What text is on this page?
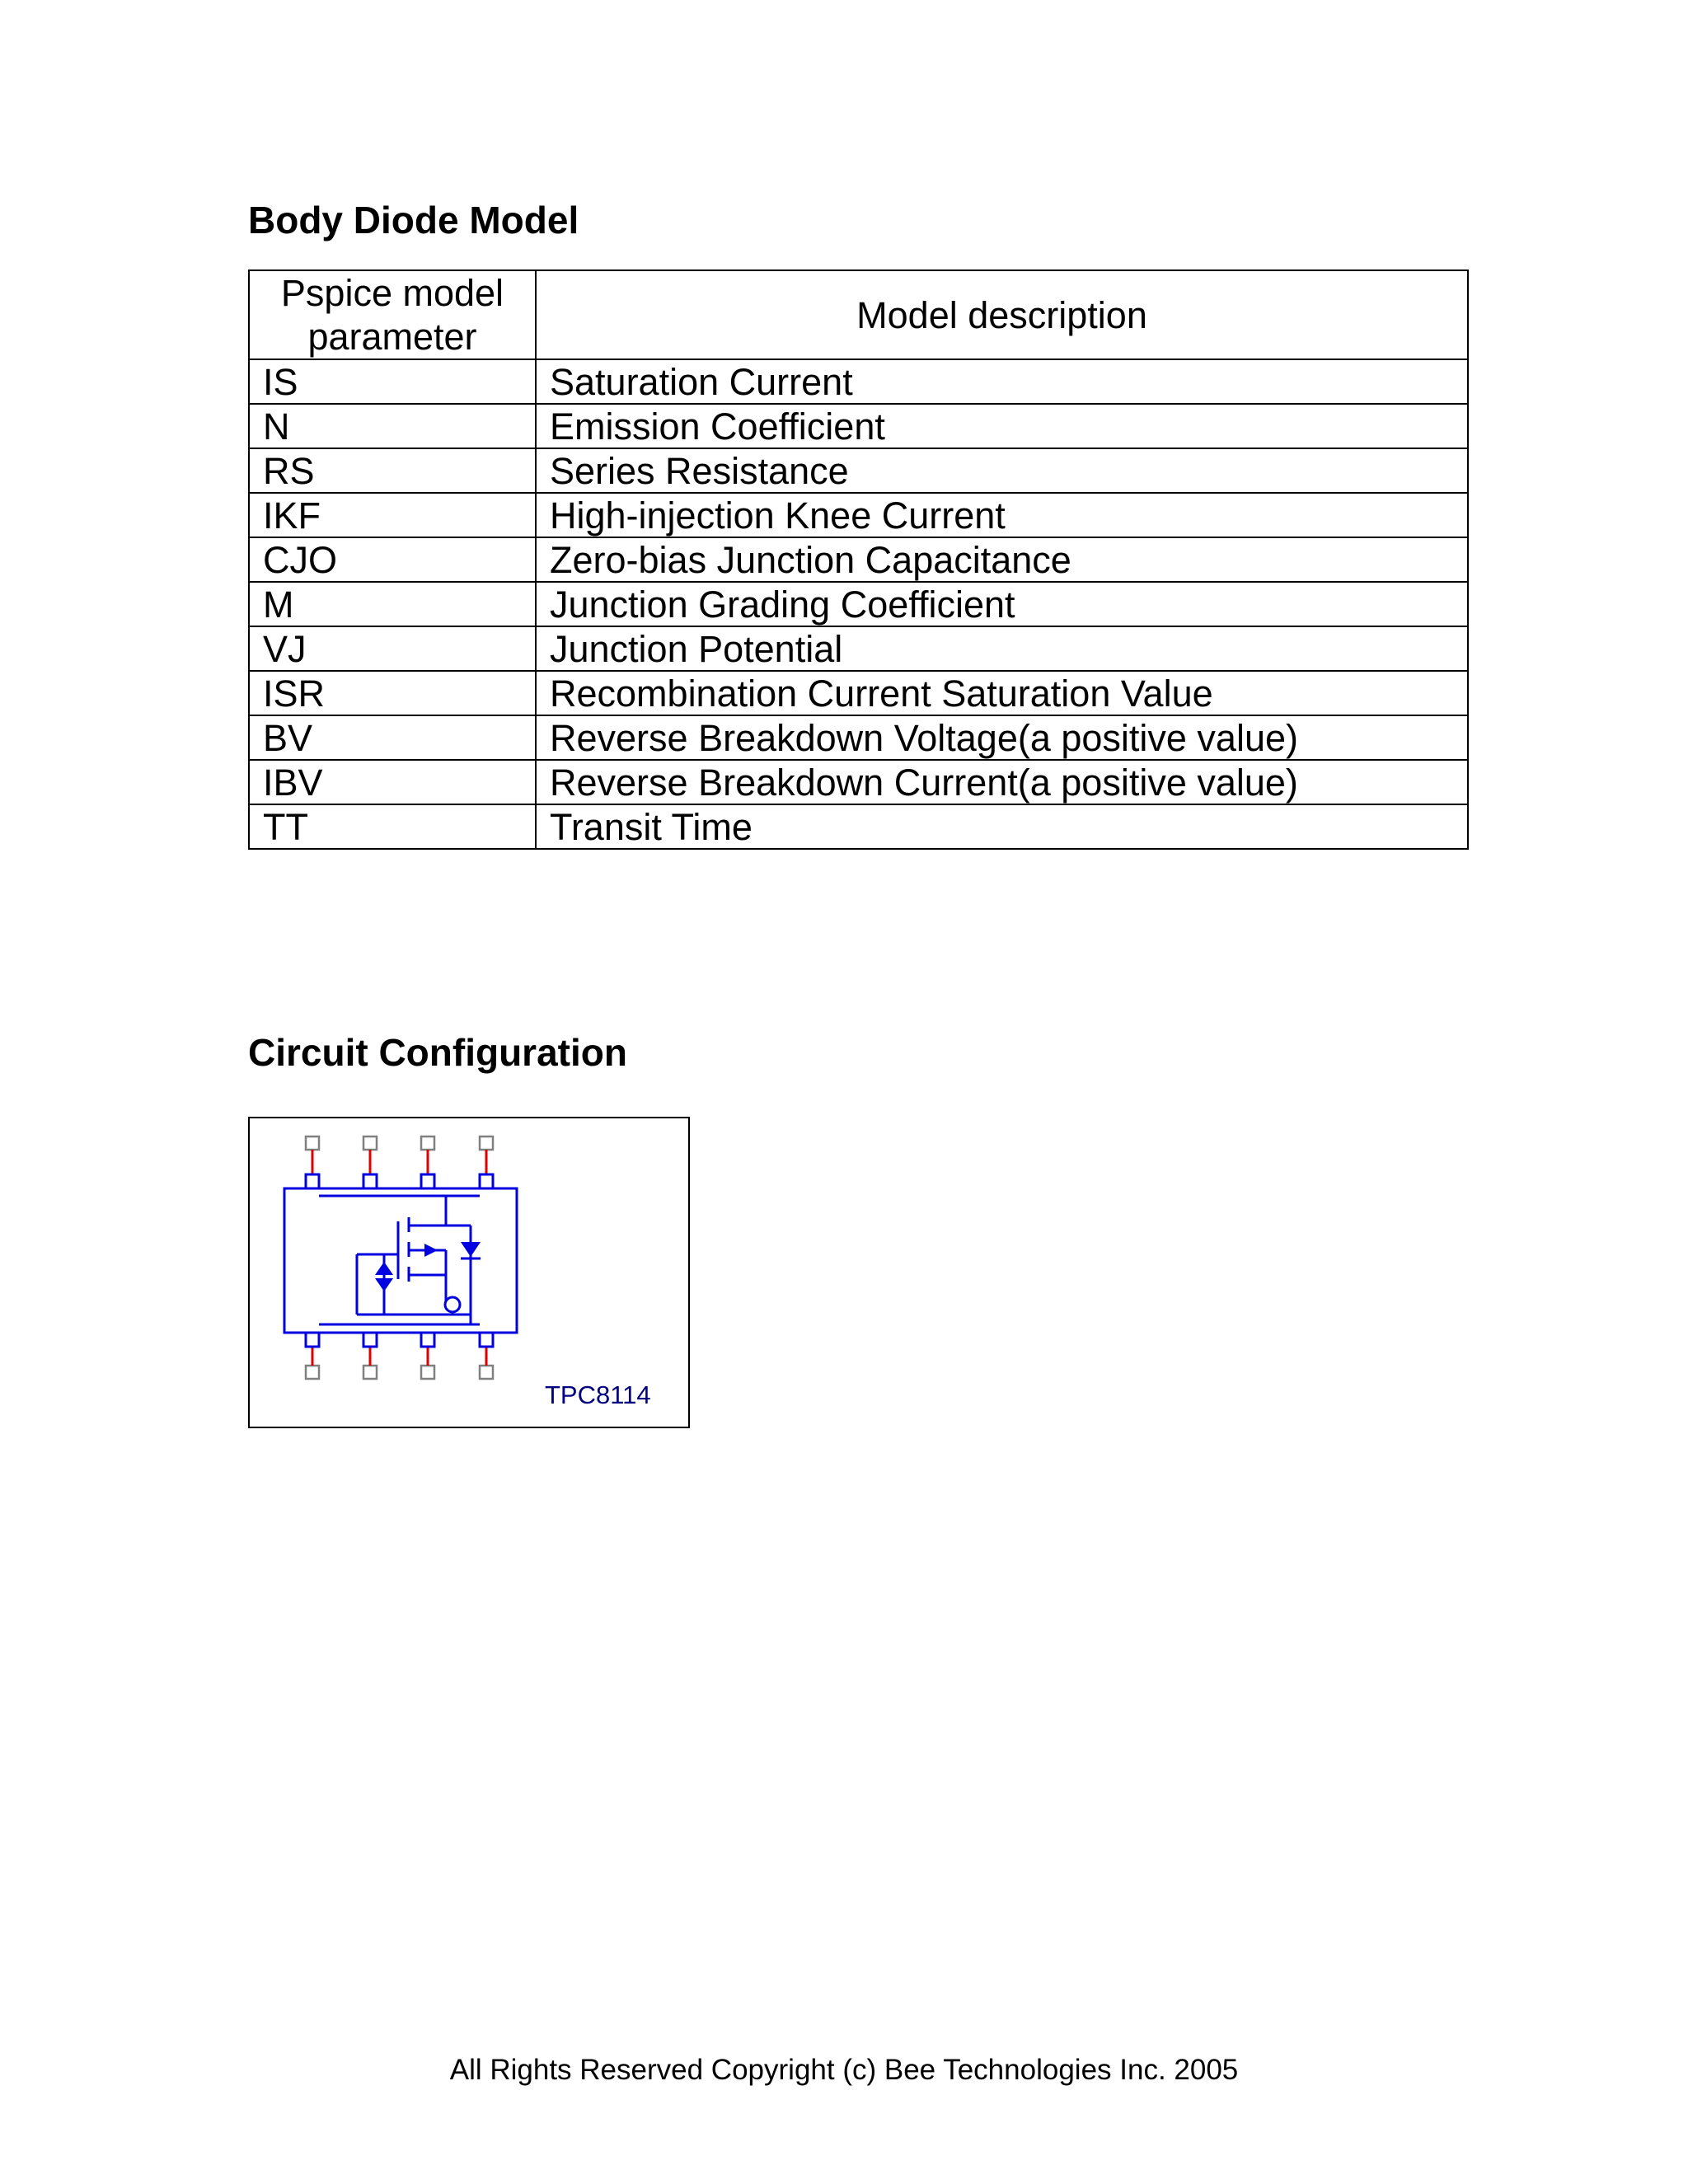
Body Diode Model
Pspice model parameter	Model description
IS	Saturation Current
N	Emission Coefficient
RS	Series Resistance
IKF	High-injection Knee Current
CJO	Zero-bias Junction Capacitance
M	Junction Grading Coefficient
VJ	Junction Potential
ISR	Recombination Current Saturation Value
BV	Reverse Breakdown Voltage(a positive value)
IBV	Reverse Breakdown Current(a positive value)
TT	Transit Time
Circuit Configuration
TPC8114
All Rights Reserved Copyright (c) Bee Technologies Inc. 2005
